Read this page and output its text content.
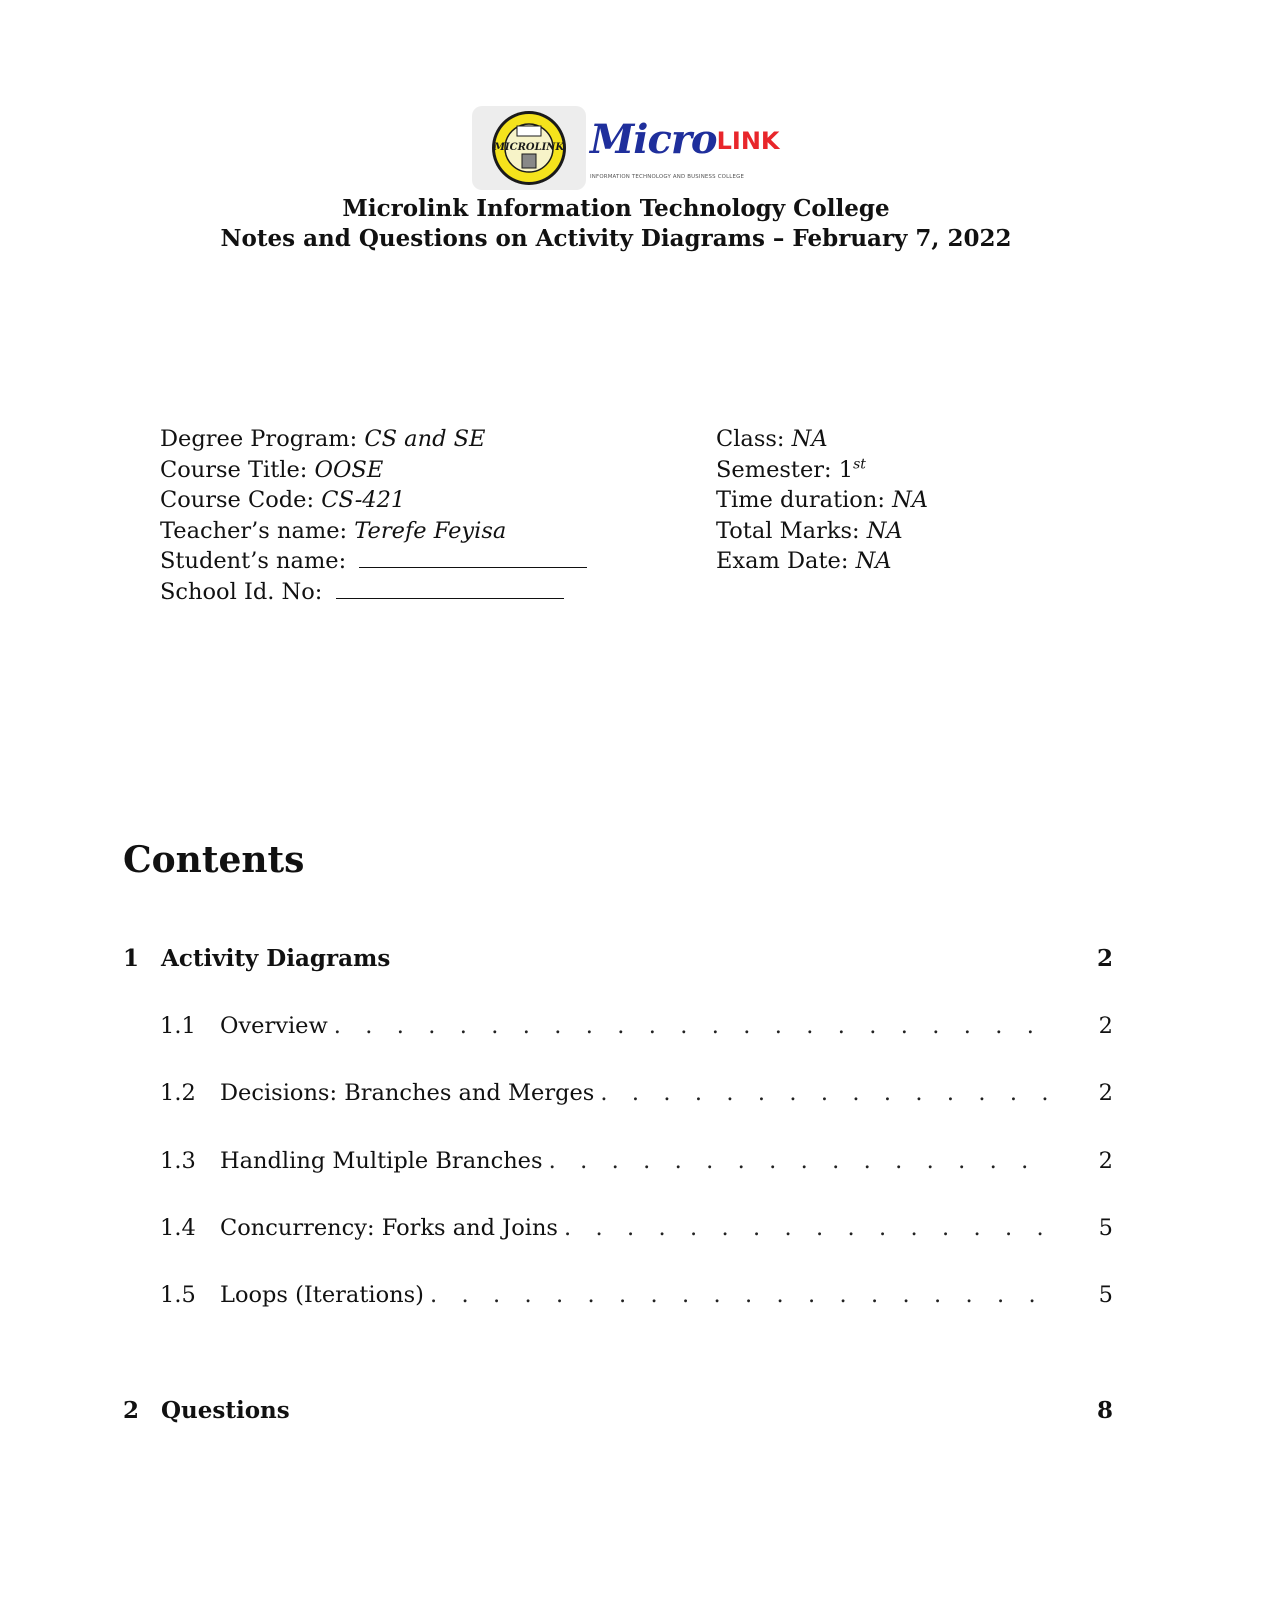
MICROLINK MicroLINK
INFORMATION TECHNOLOGY AND BUSINESS COLLEGE
Microlink Information Technology College
Notes and Questions on Activity Diagrams – February 7, 2022
Degree Program: CS and SE
Course Title: OOSE
Course Code: CS-421
Teacher’s name: Terefe Feyisa
Student’s name:
School Id. No:
Class: NA
Semester: 1st
Time duration: NA
Total Marks: NA
Exam Date: NA
Contents
1 Activity Diagrams	2
1.1	Overview . . .	2
1.2	Decisions: Branches and Merges . . .	2
1.3	Handling Multiple Branches . . .	2
1.4	Concurrency: Forks and Joins . . .	5
1.5	Loops (Iterations) . . .	5
2 Questions	8
